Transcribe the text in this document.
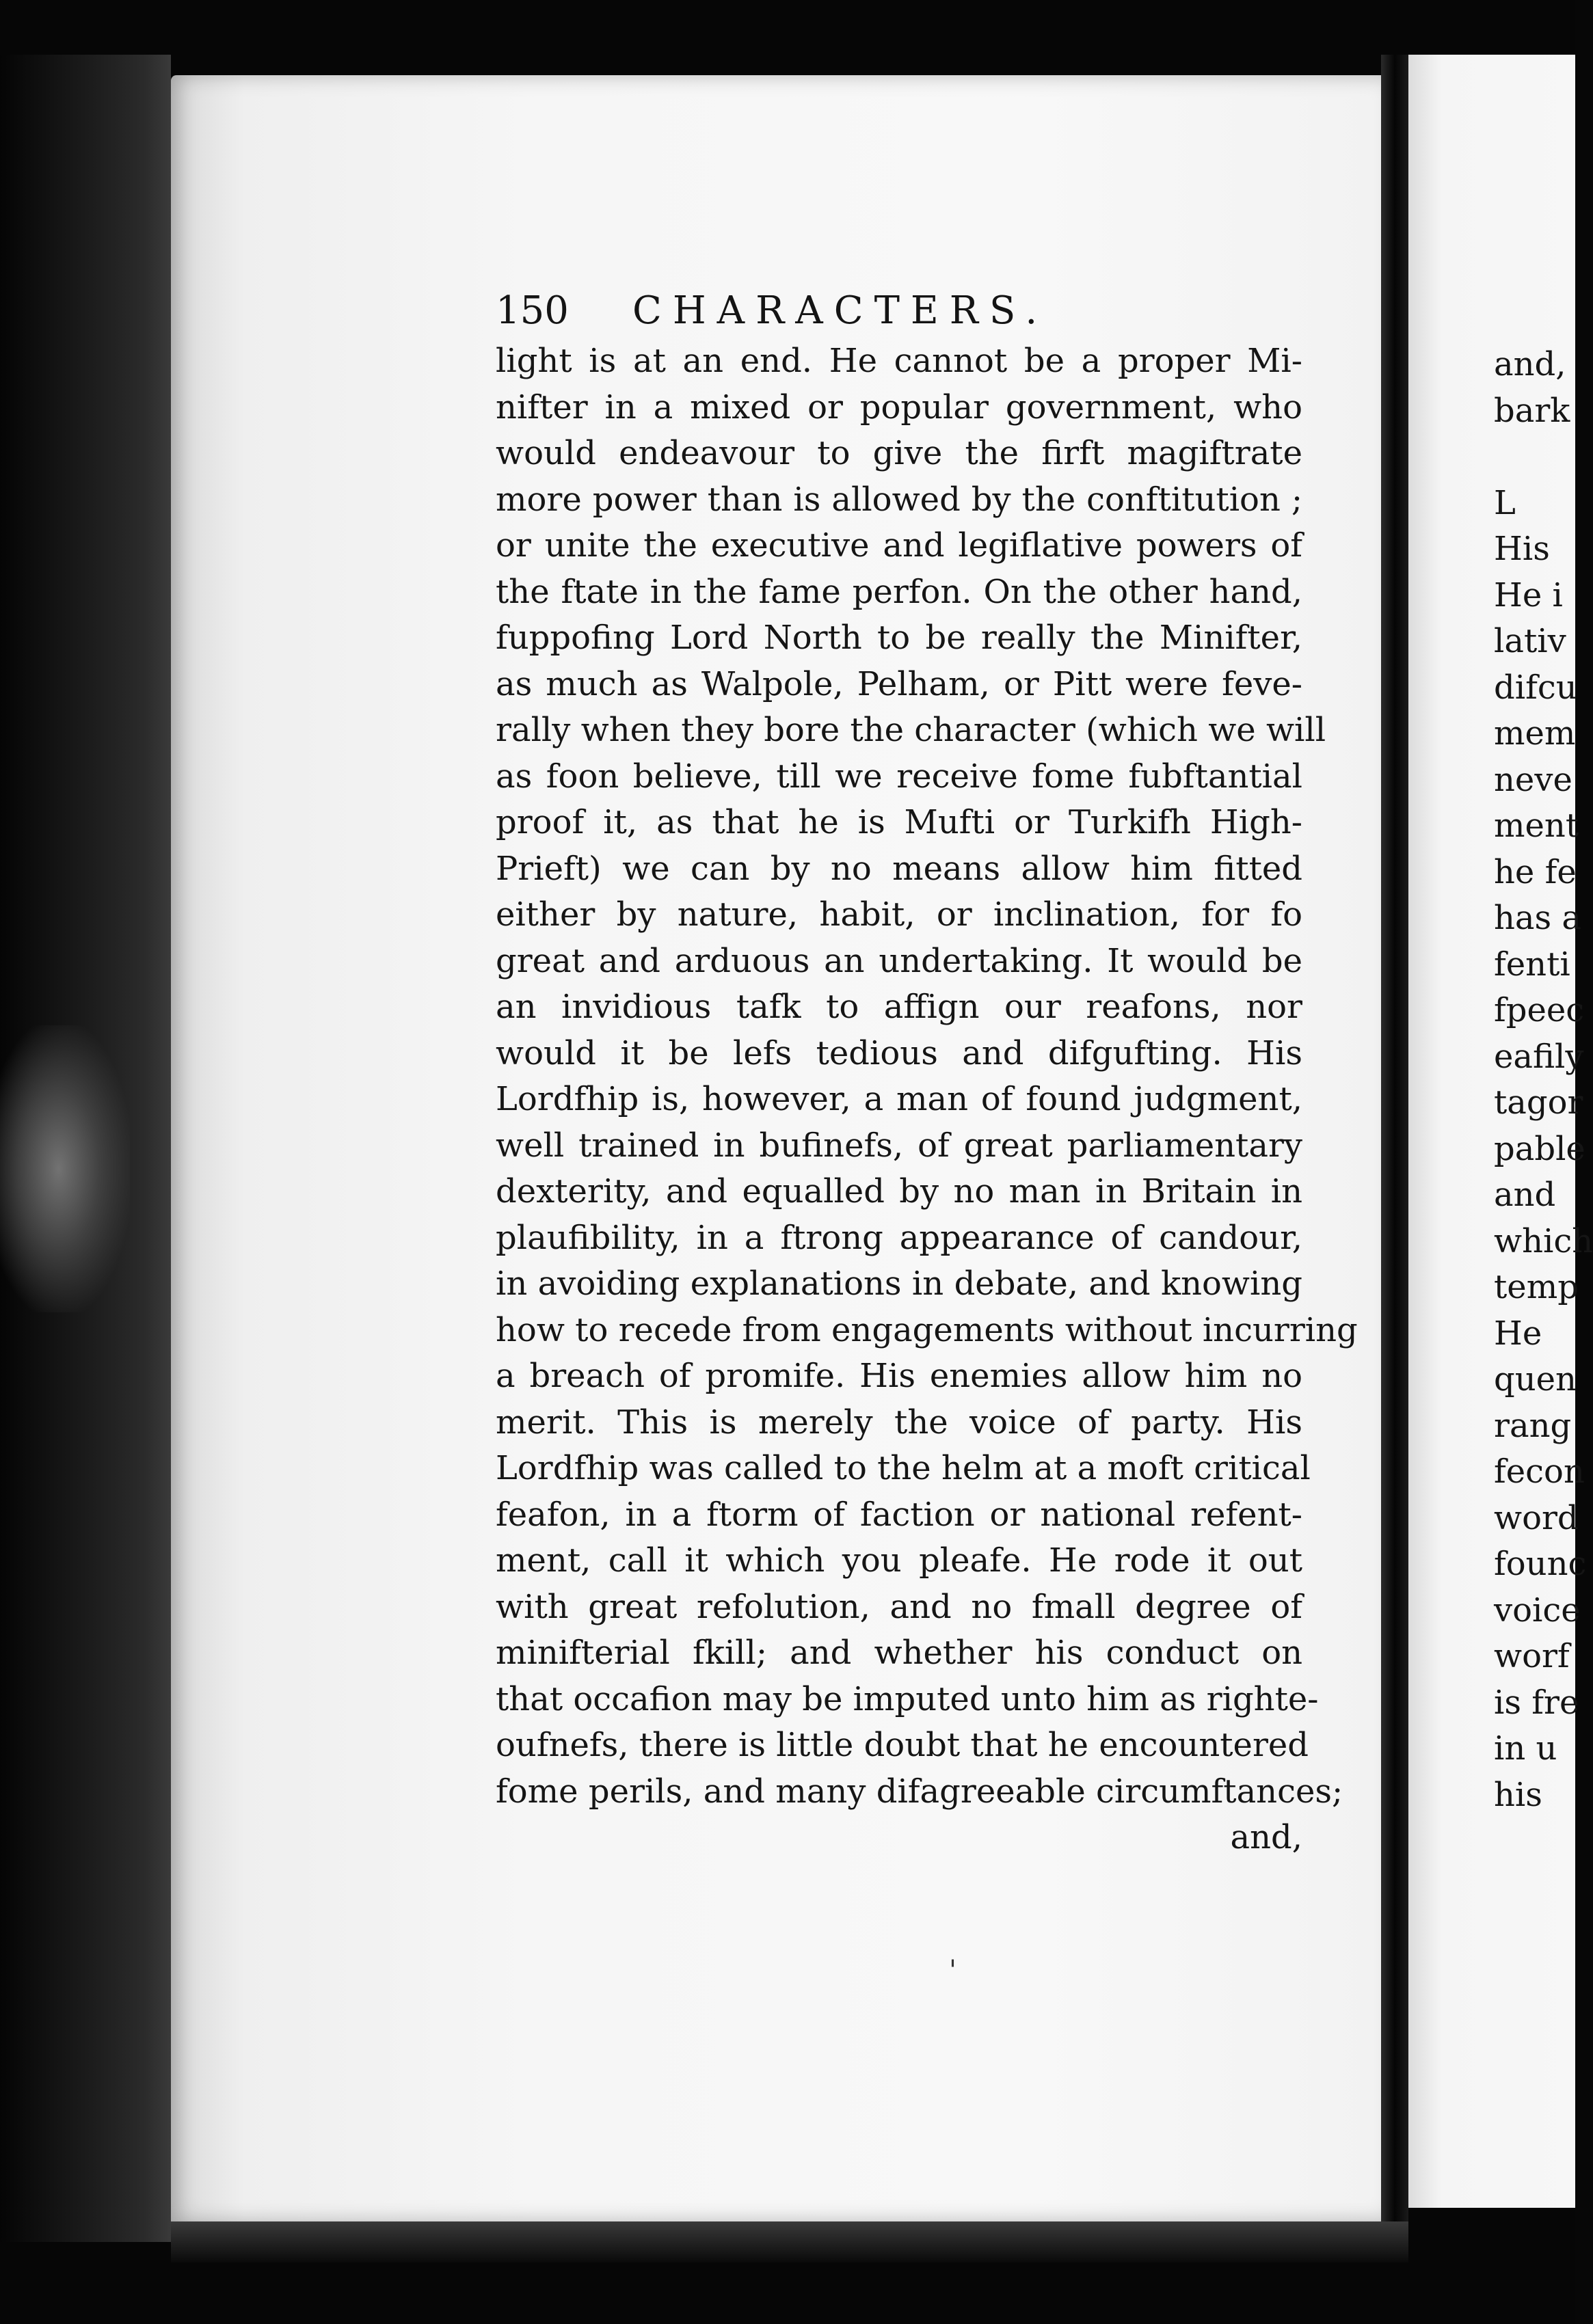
150 CHARACTERS.
light is at an end. He cannot be a proper Mi-
nifter in a mixed or popular government, who
would endeavour to give the firft magiftrate
more power than is allowed by the conftitution ;
or unite the executive and legiflative powers of
the ftate in the fame perfon. On the other hand,
fuppofing Lord North to be really the Minifter,
as much as Walpole, Pelham, or Pitt were feve-
rally when they bore the character (which we will
as foon believe, till we receive fome fubftantial
proof it, as that he is Mufti or Turkifh High-
Prieft) we can by no means allow him fitted
either by nature, habit, or inclination, for fo
great and arduous an undertaking. It would be
an invidious tafk to affign our reafons, nor
would it be lefs tedious and difgufting. His
Lordfhip is, however, a man of found judgment,
well trained in bufinefs, of great parliamentary
dexterity, and equalled by no man in Britain in
plaufibility, in a ftrong appearance of candour,
in avoiding explanations in debate, and knowing
how to recede from engagements without incurring
a breach of promife. His enemies allow him no
merit. This is merely the voice of party. His
Lordfhip was called to the helm at a moft critical
feafon, in a ftorm of faction or national refent-
ment, call it which you pleafe. He rode it out
with great refolution, and no fmall degree of
minifterial fkill; and whether his conduct on
that occafion may be imputed unto him as righte-
oufnefs, there is little doubt that he encountered
fome perils, and many difagreeable circumftances;
and,
and,
bark
L
His
He i
lativ
difcu
mem
neve
ment
he fe
has a
fenti
fpeec
eafily
tagor
pable
and
which
temp
He
quen
rang
fecon
word
founc
voice
worf
is fre
in u
his
'
